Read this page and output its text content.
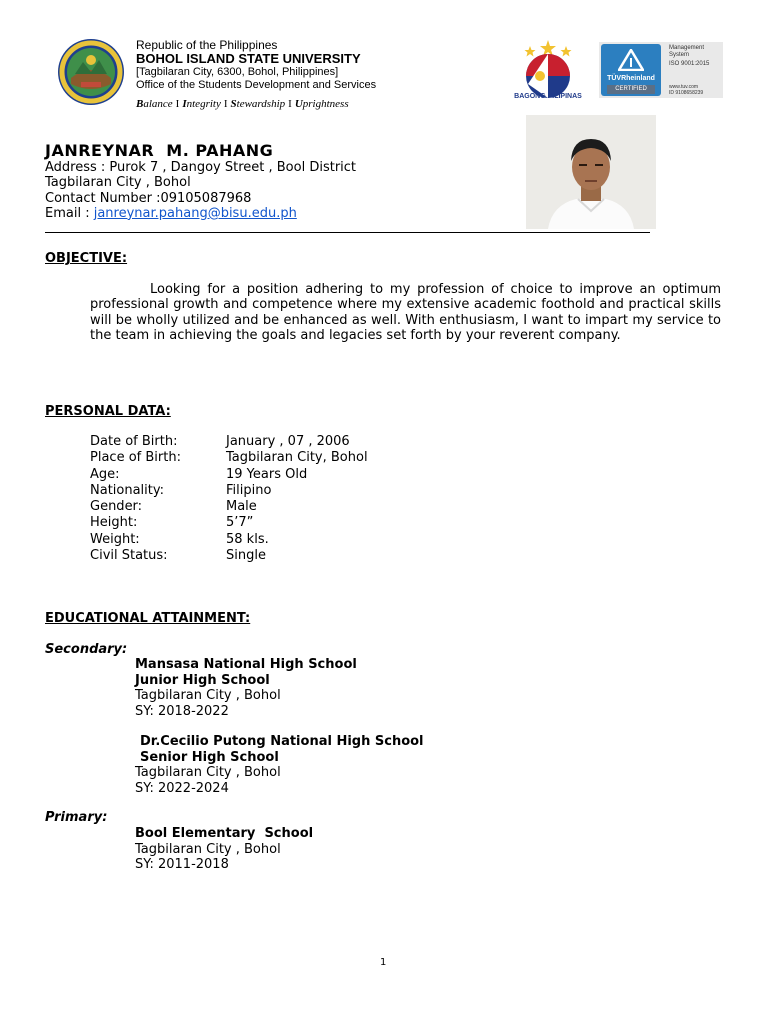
Republic of the Philippines
BOHOL ISLAND STATE UNIVERSITY
[Tagbilaran City, 6300, Bohol, Philippines]
Office of the Students Development and Services
Balance I Integrity I Stewardship I Uprightness
BAGONG PILIPINAS
TÜVRheinland
CERTIFIED
Management
System
ISO 9001:2015
www.tuv.com
ID 9108658239
JANREYNAR  M. PAHANG
Address : Purok 7 , Dangoy Street , Bool District
Tagbilaran City , Bohol
Contact Number :09105087968
Email : janreynar.pahang@bisu.edu.ph
OBJECTIVE:
Looking for a position adhering to my profession of choice to improve an optimum professional growth and competence where my extensive academic foothold and practical skills will be wholly utilized and be enhanced as well. With enthusiasm, I want to impart my service to the team in achieving the goals and legacies set forth by your reverent company.
PERSONAL DATA:
Date of Birth:
Place of Birth:
Age:
Nationality:
Gender:
Height:
Weight:
Civil Status:
January , 07 , 2006
Tagbilaran City, Bohol
19 Years Old
Filipino
Male
5’7”
58 kls.
Single
EDUCATIONAL ATTAINMENT:
Secondary:
Mansasa National High School
Junior High School
Tagbilaran City , Bohol
SY: 2018-2022
Dr.Cecilio Putong National High School
Senior High School
Tagbilaran City , Bohol
SY: 2022-2024
Primary:
Bool Elementary  School
Tagbilaran City , Bohol
SY: 2011-2018
1
